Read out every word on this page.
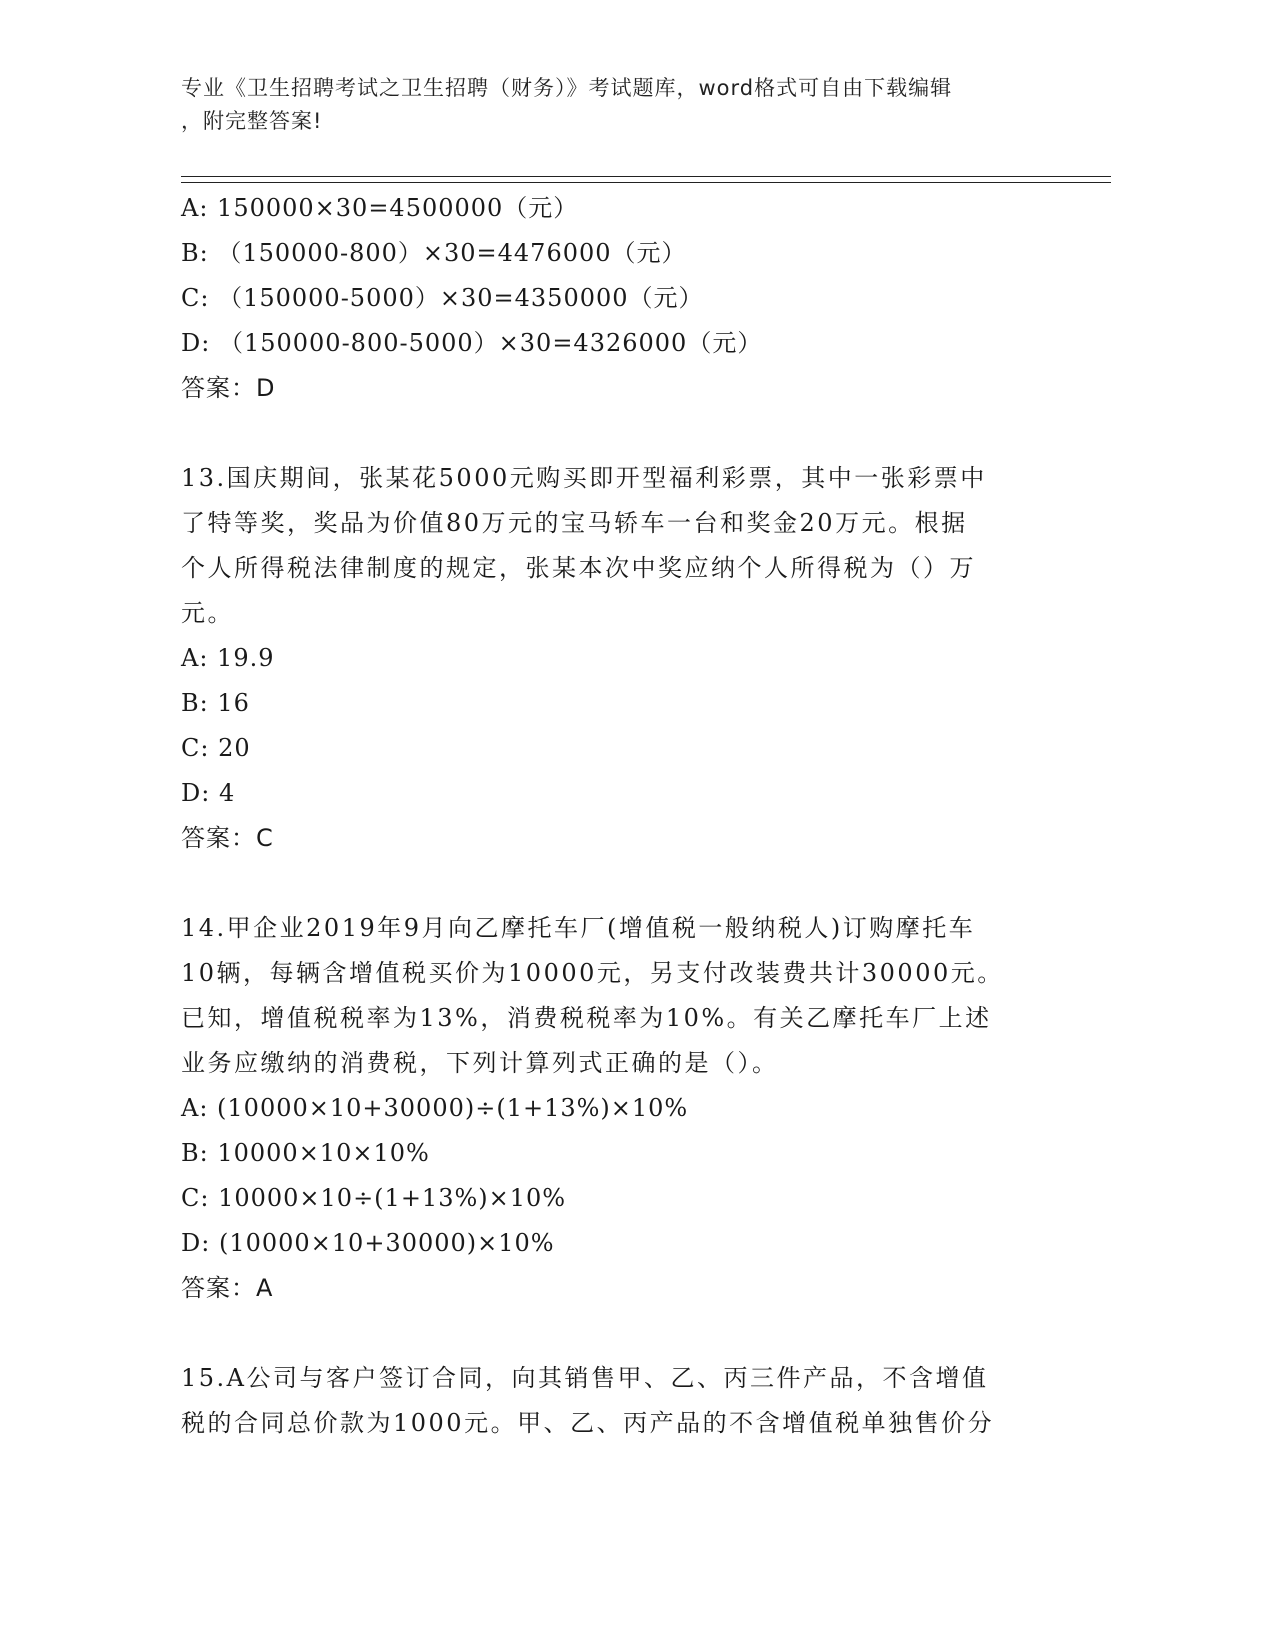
专业《卫生招聘考试之卫生招聘（财务）》考试题库，word格式可自由下载编辑

，附完整答案!

A: 150000×30=4500000（元）

B: （150000-800）×30=4476000（元）

C: （150000-5000）×30=4350000（元）

D: （150000-800-5000）×30=4326000（元）

答案：D

13.国庆期间，张某花5000元购买即开型福利彩票，其中一张彩票中

了特等奖，奖品为价值80万元的宝马轿车一台和奖金20万元。根据

个人所得税法律制度的规定，张某本次中奖应纳个人所得税为（）万

元。

A: 19.9

B: 16

C: 20

D: 4

答案：C

14.甲企业2019年9月向乙摩托车厂(增值税一般纳税人)订购摩托车

10辆，每辆含增值税买价为10000元，另支付改装费共计30000元。

已知，增值税税率为13%，消费税税率为10%。有关乙摩托车厂上述

业务应缴纳的消费税，下列计算列式正确的是（）。

A: (10000×10+30000)÷(1+13%)×10%

B: 10000×10×10%

C: 10000×10÷(1+13%)×10%

D: (10000×10+30000)×10%

答案：A

15.A公司与客户签订合同，向其销售甲、乙、丙三件产品，不含增值

税的合同总价款为1000元。甲、乙、丙产品的不含增值税单独售价分
